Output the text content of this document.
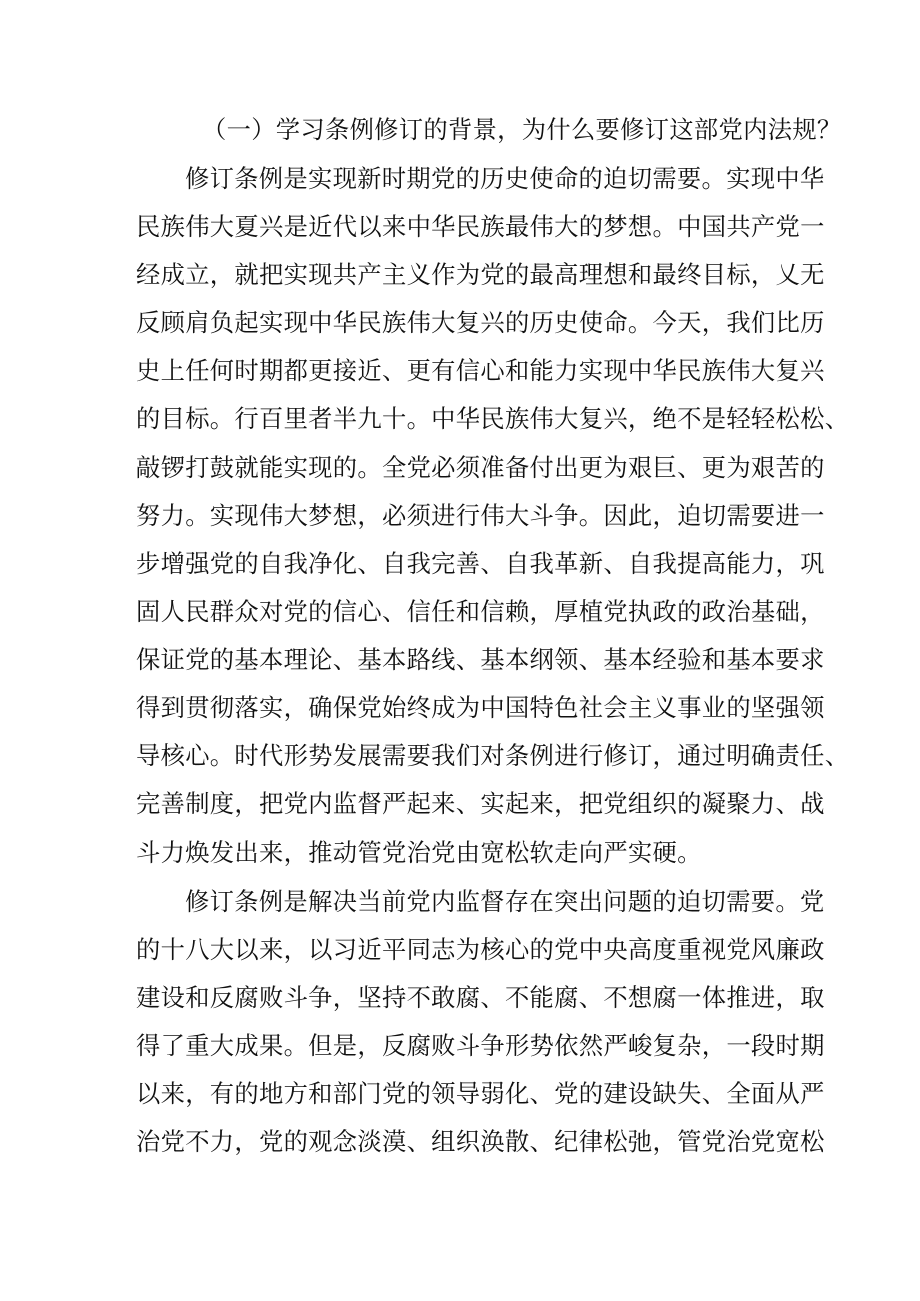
（一）学习条例修订的背景，为什么要修订这部党内法规？
修订条例是实现新时期党的历史使命的迫切需要。实现中华
民族伟大夏兴是近代以来中华民族最伟大的梦想。中国共产党一
经成立，就把实现共产主义作为党的最高理想和最终目标，乂无
反顾肩负起实现中华民族伟大复兴的历史使命。今天，我们比历
史上任何时期都更接近、更有信心和能力实现中华民族伟大复兴
的目标。行百里者半九十。中华民族伟大复兴，绝不是轻轻松松、
敲锣打鼓就能实现的。全党必须准备付出更为艰巨、更为艰苦的
努力。实现伟大梦想，必须进行伟大斗争。因此，迫切需要进一
步增强党的自我净化、自我完善、自我革新、自我提高能力，巩
固人民群众对党的信心、信任和信赖，厚植党执政的政治基础，
保证党的基本理论、基本路线、基本纲领、基本经验和基本要求
得到贯彻落实，确保党始终成为中国特色社会主义事业的坚强领
导核心。时代形势发展需要我们对条例进行修订，通过明确责任、
完善制度，把党内监督严起来、实起来，把党组织的凝聚力、战
斗力焕发出来，推动管党治党由宽松软走向严实硬。
修订条例是解决当前党内监督存在突出问题的迫切需要。党
的十八大以来，以习近平同志为核心的党中央高度重视党风廉政
建设和反腐败斗争，坚持不敢腐、不能腐、不想腐一体推进，取
得了重大成果。但是，反腐败斗争形势依然严峻复杂，一段时期
以来，有的地方和部门党的领导弱化、党的建设缺失、全面从严
治党不力，党的观念淡漠、组织涣散、纪律松弛，管党治党宽松
